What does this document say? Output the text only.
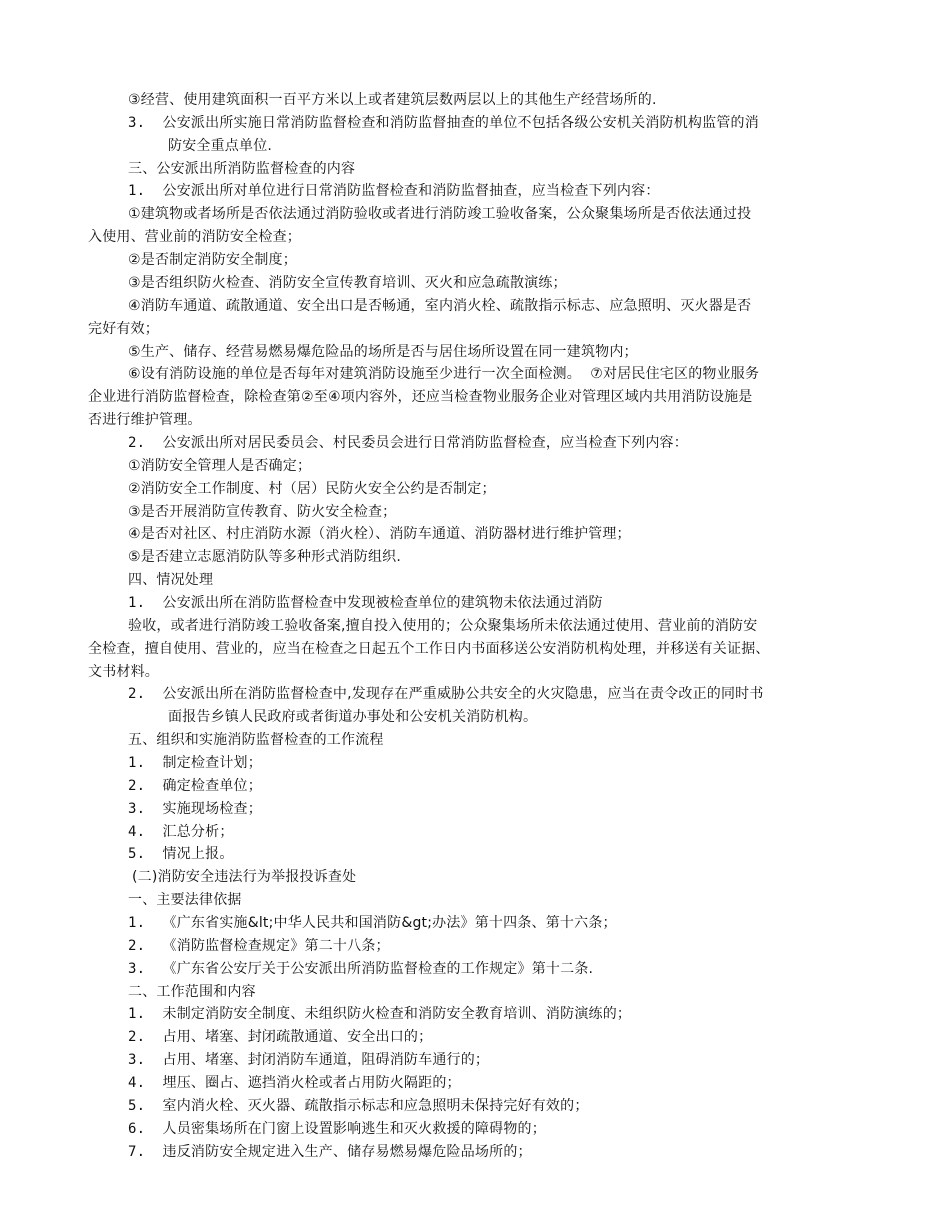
③经营、使用建筑面积一百平方米以上或者建筑层数两层以上的其他生产经营场所的.
3.  公安派出所实施日常消防监督检查和消防监督抽查的单位不包括各级公安机关消防机构监管的消
防安全重点单位.
三、公安派出所消防监督检查的内容
1.  公安派出所对单位进行日常消防监督检查和消防监督抽查，应当检查下列内容：
①建筑物或者场所是否依法通过消防验收或者进行消防竣工验收备案，公众聚集场所是否依法通过投
入使用、营业前的消防安全检查；
②是否制定消防安全制度；
③是否组织防火检查、消防安全宣传教育培训、灭火和应急疏散演练；
④消防车通道、疏散通道、安全出口是否畅通，室内消火栓、疏散指示标志、应急照明、灭火器是否
完好有效；
⑤生产、储存、经营易燃易爆危险品的场所是否与居住场所设置在同一建筑物内；
⑥设有消防设施的单位是否每年对建筑消防设施至少进行一次全面检测。  ⑦对居民住宅区的物业服务
企业进行消防监督检查，除检查第②至④项内容外，还应当检查物业服务企业对管理区域内共用消防设施是
否进行维护管理。
2.  公安派出所对居民委员会、村民委员会进行日常消防监督检查，应当检查下列内容：
①消防安全管理人是否确定；
②消防安全工作制度、村（居）民防火安全公约是否制定；
③是否开展消防宣传教育、防火安全检查；
④是否对社区、村庄消防水源（消火栓）、消防车通道、消防器材进行维护管理；
⑤是否建立志愿消防队等多种形式消防组织.
四、情况处理
1.  公安派出所在消防监督检查中发现被检查单位的建筑物未依法通过消防
验收，或者进行消防竣工验收备案,擅自投入使用的；公众聚集场所未依法通过使用、营业前的消防安
全检查，擅自使用、营业的，应当在检查之日起五个工作日内书面移送公安消防机构处理，并移送有关证据、
文书材料。
2.  公安派出所在消防监督检查中,发现存在严重威胁公共安全的火灾隐患，应当在责令改正的同时书
面报告乡镇人民政府或者街道办事处和公安机关消防机构。
五、组织和实施消防监督检查的工作流程
1.  制定检查计划；
2.  确定检查单位；
3.  实施现场检查；
4.  汇总分析；
5.  情况上报。
(二)消防安全违法行为举报投诉查处
一、主要法律依据
1.  《广东省实施&lt;中华人民共和国消防&gt;办法》第十四条、第十六条；
2.  《消防监督检查规定》第二十八条；
3.  《广东省公安厅关于公安派出所消防监督检查的工作规定》第十二条.
二、工作范围和内容
1.  未制定消防安全制度、未组织防火检查和消防安全教育培训、消防演练的；
2.  占用、堵塞、封闭疏散通道、安全出口的；
3.  占用、堵塞、封闭消防车通道，阻碍消防车通行的；
4.  埋压、圈占、遮挡消火栓或者占用防火隔距的；
5.  室内消火栓、灭火器、疏散指示标志和应急照明未保持完好有效的；
6.  人员密集场所在门窗上设置影响逃生和灭火救援的障碍物的；
7.  违反消防安全规定进入生产、储存易燃易爆危险品场所的；
